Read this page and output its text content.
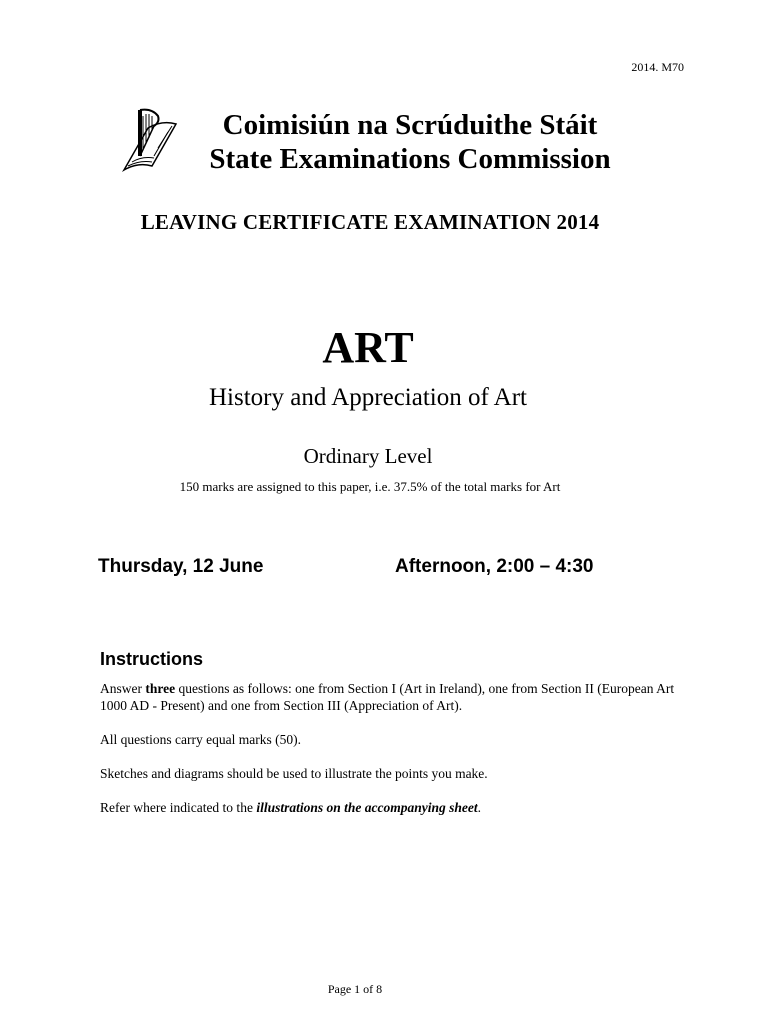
2014. M70
Coimisiún na Scrúduithe Stáit
State Examinations Commission
LEAVING CERTIFICATE EXAMINATION 2014
ART
History and Appreciation of Art
Ordinary Level
150 marks are assigned to this paper, i.e. 37.5% of the total marks for Art
Thursday, 12 June	Afternoon, 2:00 – 4:30
Instructions

Answer three questions as follows: one from Section I (Art in Ireland), one from Section II (European Art 1000 AD - Present) and one from Section III (Appreciation of Art).

All questions carry equal marks (50).

Sketches and diagrams should be used to illustrate the points you make.

Refer where indicated to the illustrations on the accompanying sheet.

Page 1 of 8
